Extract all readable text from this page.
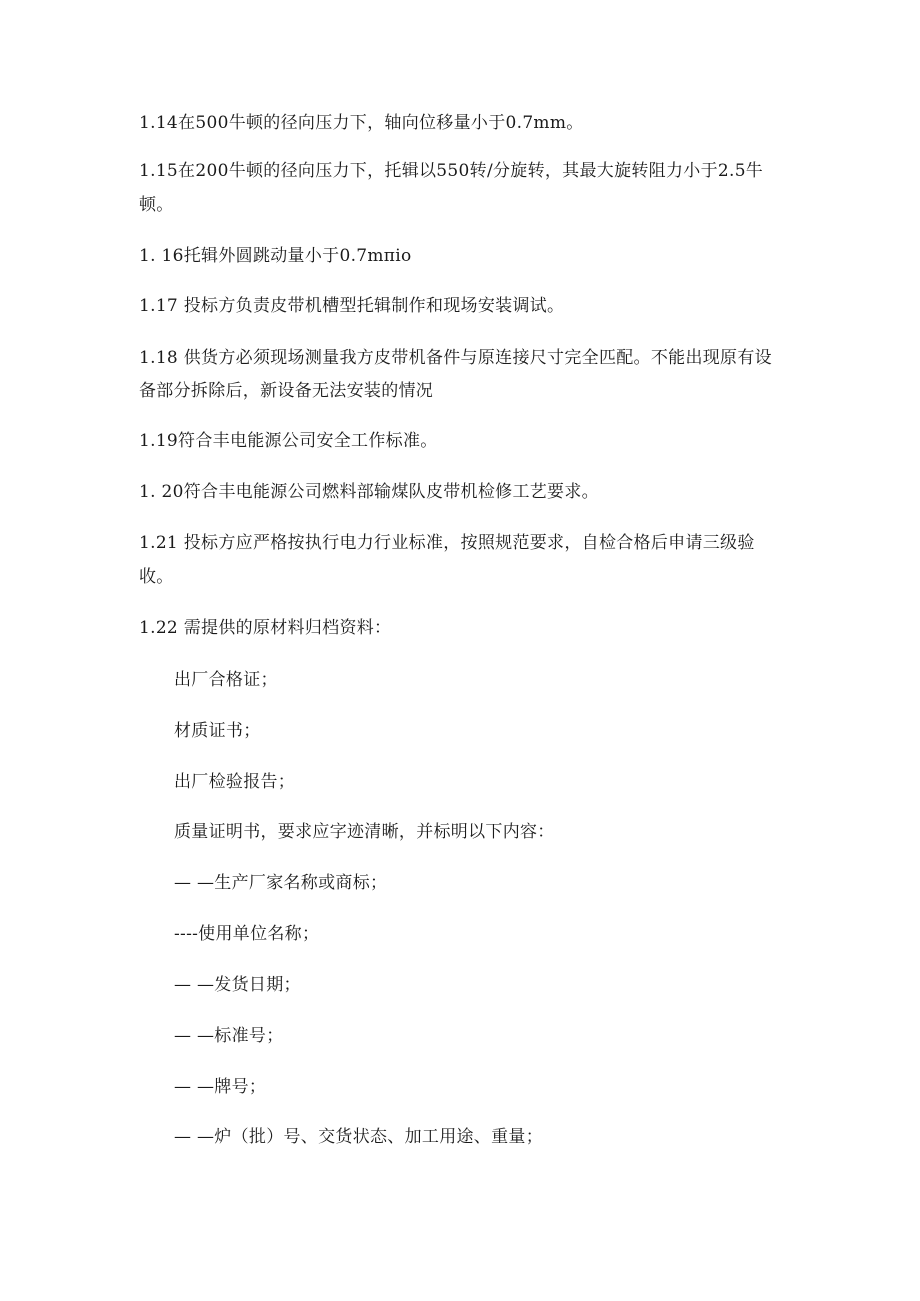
1.14在500牛顿的径向压力下，轴向位移量小于0.7mm。
1.15在200牛顿的径向压力下，托辑以550转/分旋转，其最大旋转阻力小于2.5牛
顿。
1. 16托辑外圆跳动量小于0.7mπio
1.17 投标方负责皮带机槽型托辑制作和现场安装调试。
1.18 供货方必须现场测量我方皮带机备件与原连接尺寸完全匹配。不能出现原有设
备部分拆除后，新设备无法安装的情况
1.19符合丰电能源公司安全工作标准。
1. 20符合丰电能源公司燃料部输煤队皮带机检修工艺要求。
1.21 投标方应严格按执行电力行业标准，按照规范要求，自检合格后申请三级验
收。
1.22 需提供的原材料归档资料：
出厂合格证；
材质证书；
出厂检验报告；
质量证明书，要求应字迹清晰，并标明以下内容：
— —生产厂家名称或商标；
----使用单位名称；
— —发货日期；
— —标准号；
— —牌号；
— —炉（批）号、交货状态、加工用途、重量；
